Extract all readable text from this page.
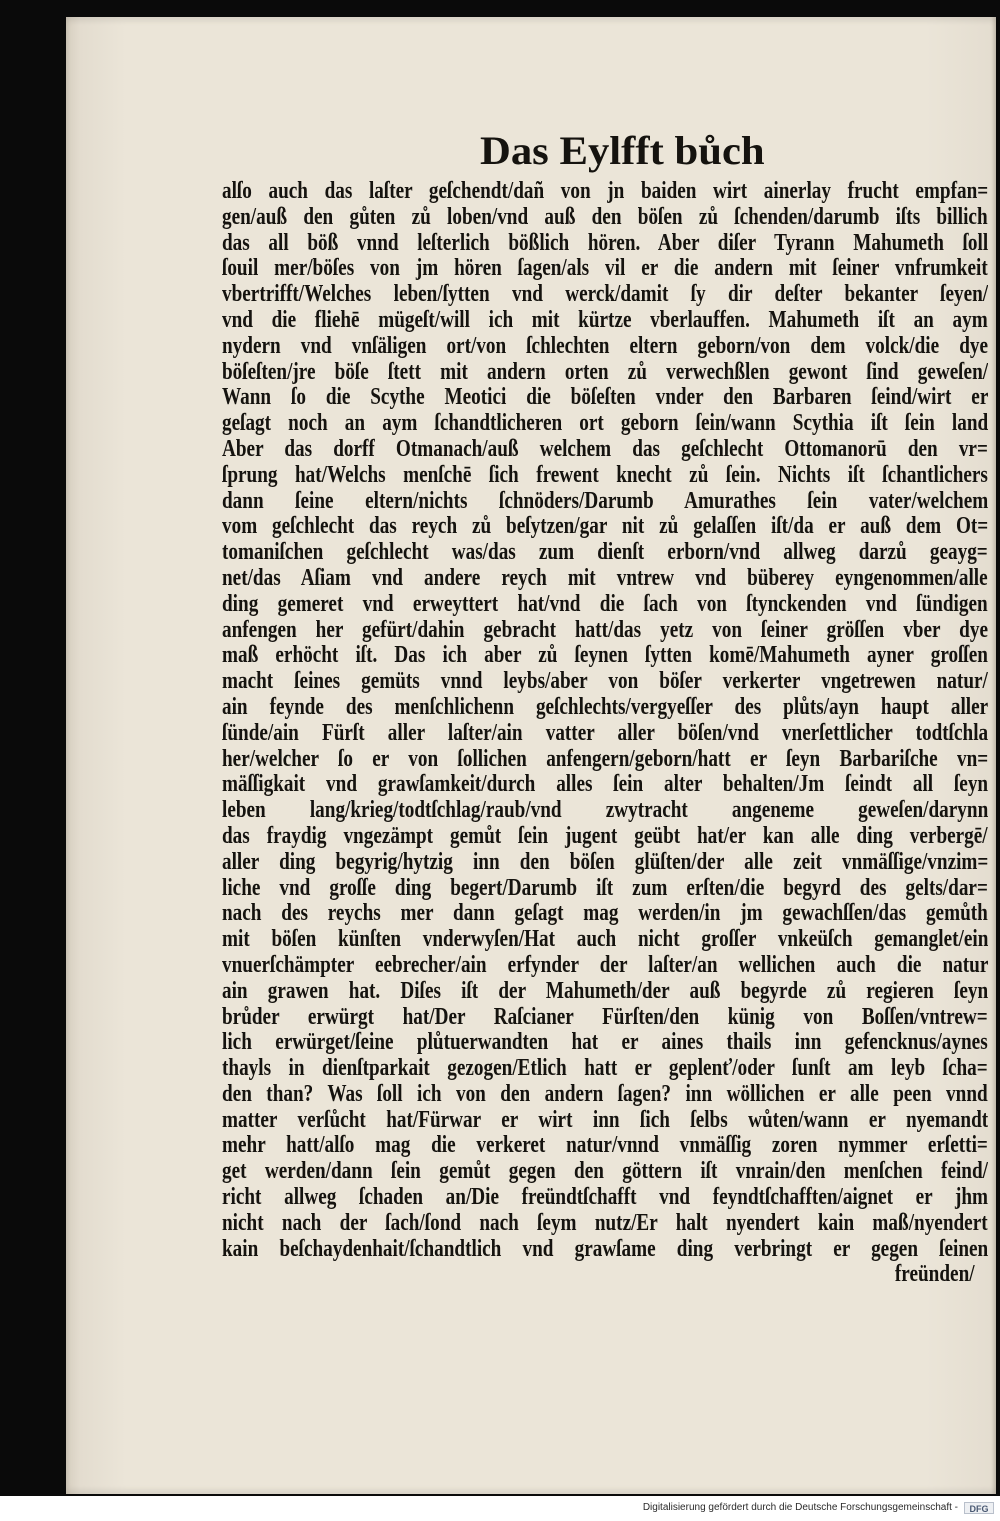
Das Eylfft bůch
alſo auch das laſter geſchendt/dañ von jn baiden wirt ainerlay frucht empfan=
gen/auß den gůten zů loben/vnd auß den böſen zů ſchenden/darumb iſts billich
das all böß vnnd leſterlich bößlich hören. Aber diſer Tyrann Mahumeth ſoll
ſouil mer/böſes von jm hören ſagen/als vil er die andern mit ſeiner vnfrumkeit
vbertrifft/Welches leben/ſytten vnd werck/damit ſy dir deſter bekanter ſeyen/
vnd die fliehē mügeſt/will ich mit kürtze vberlauffen. Mahumeth iſt an aym
nydern vnd vnſäligen ort/von ſchlechten eltern geborn/von dem volck/die dye
böſeſten/jre böſe ſtett mit andern orten zů verwechßlen gewont ſind geweſen/
Wann ſo die Scythe Meotici die böſeſten vnder den Barbaren ſeind/wirt er
geſagt noch an aym ſchandtlicheren ort geborn ſein/wann Scythia iſt ſein land
Aber das dorff Otmanach/auß welchem das geſchlecht Ottomanorū den vr=
ſprung hat/Welchs menſchē ſich frewent knecht zů ſein. Nichts iſt ſchantlichers
dann ſeine eltern/nichts ſchnöders/Darumb Amurathes ſein vater/welchem
vom geſchlecht das reych zů beſytzen/gar nit zů gelaſſen iſt/da er auß dem Ot=
tomaniſchen geſchlecht was/das zum dienſt erborn/vnd allweg darzů geayg=
net/das Aſiam vnd andere reych mit vntrew vnd büberey eyngenommen/alle
ding gemeret vnd erweyttert hat/vnd die ſach von ſtynckenden vnd ſündigen
anfengen her gefürt/dahin gebracht hatt/das yetz von ſeiner gröſſen vber dye
maß erhöcht iſt. Das ich aber zů ſeynen ſytten komē/Mahumeth ayner groſſen
macht ſeines gemüts vnnd leybs/aber von böſer verkerter vngetrewen natur/
ain feynde des menſchlichenn geſchlechts/vergyeſſer des plůts/ayn haupt aller
ſünde/ain Fürſt aller laſter/ain vatter aller böſen/vnd vnerſettlicher todtſchla
her/welcher ſo er von ſollichen anfengern/geborn/hatt er ſeyn Barbariſche vn=
mäſſigkait vnd grawſamkeit/durch alles ſein alter behalten/Jm ſeindt all ſeyn
leben lang/krieg/todtſchlag/raub/vnd zwytracht angeneme geweſen/darynn
das fraydig vngezämpt gemůt ſein jugent geübt hat/er kan alle ding verbergē/
aller ding begyrig/hytzig inn den böſen glüſten/der alle zeit vnmäſſige/vnzim=
liche vnd groſſe ding begert/Darumb iſt zum erſten/die begyrd des gelts/dar=
nach des reychs mer dann geſagt mag werden/in jm gewachſſen/das gemůth
mit böſen künſten vnderwyſen/Hat auch nicht groſſer vnkeüſch gemanglet/ein
vnuerſchämpter eebrecher/ain erfynder der laſter/an wellichen auch die natur
ain grawen hat. Diſes iſt der Mahumeth/der auß begyrde zů regieren ſeyn
brůder erwürgt hat/Der Raſcianer Fürſten/den künig von Boſſen/vntrew=
lich erwürget/ſeine plůtuerwandten hat er aines thails inn gefencknus/aynes
thayls in dienſtparkait gezogen/Etlich hatt er geplenť/oder ſunſt am leyb ſcha=
den than? Was ſoll ich von den andern ſagen? inn wöllichen er alle peen vnnd
matter verſůcht hat/Fürwar er wirt inn ſich ſelbs wůten/wann er nyemandt
mehr hatt/alſo mag die verkeret natur/vnnd vnmäſſig zoren nymmer erſetti=
get werden/dann ſein gemůt gegen den göttern iſt vnrain/den menſchen feind/
richt allweg ſchaden an/Die freündtſchafft vnd feyndtſchafften/aignet er jhm
nicht nach der ſach/ſond nach ſeym nutz/Er halt nyendert kain maß/nyendert
kain beſchaydenhait/ſchandtlich vnd grawſame ding verbringt er gegen ſeinen
freünden/
Digitalisierung gefördert durch die Deutsche Forschungsgemeinschaft -	DFG
